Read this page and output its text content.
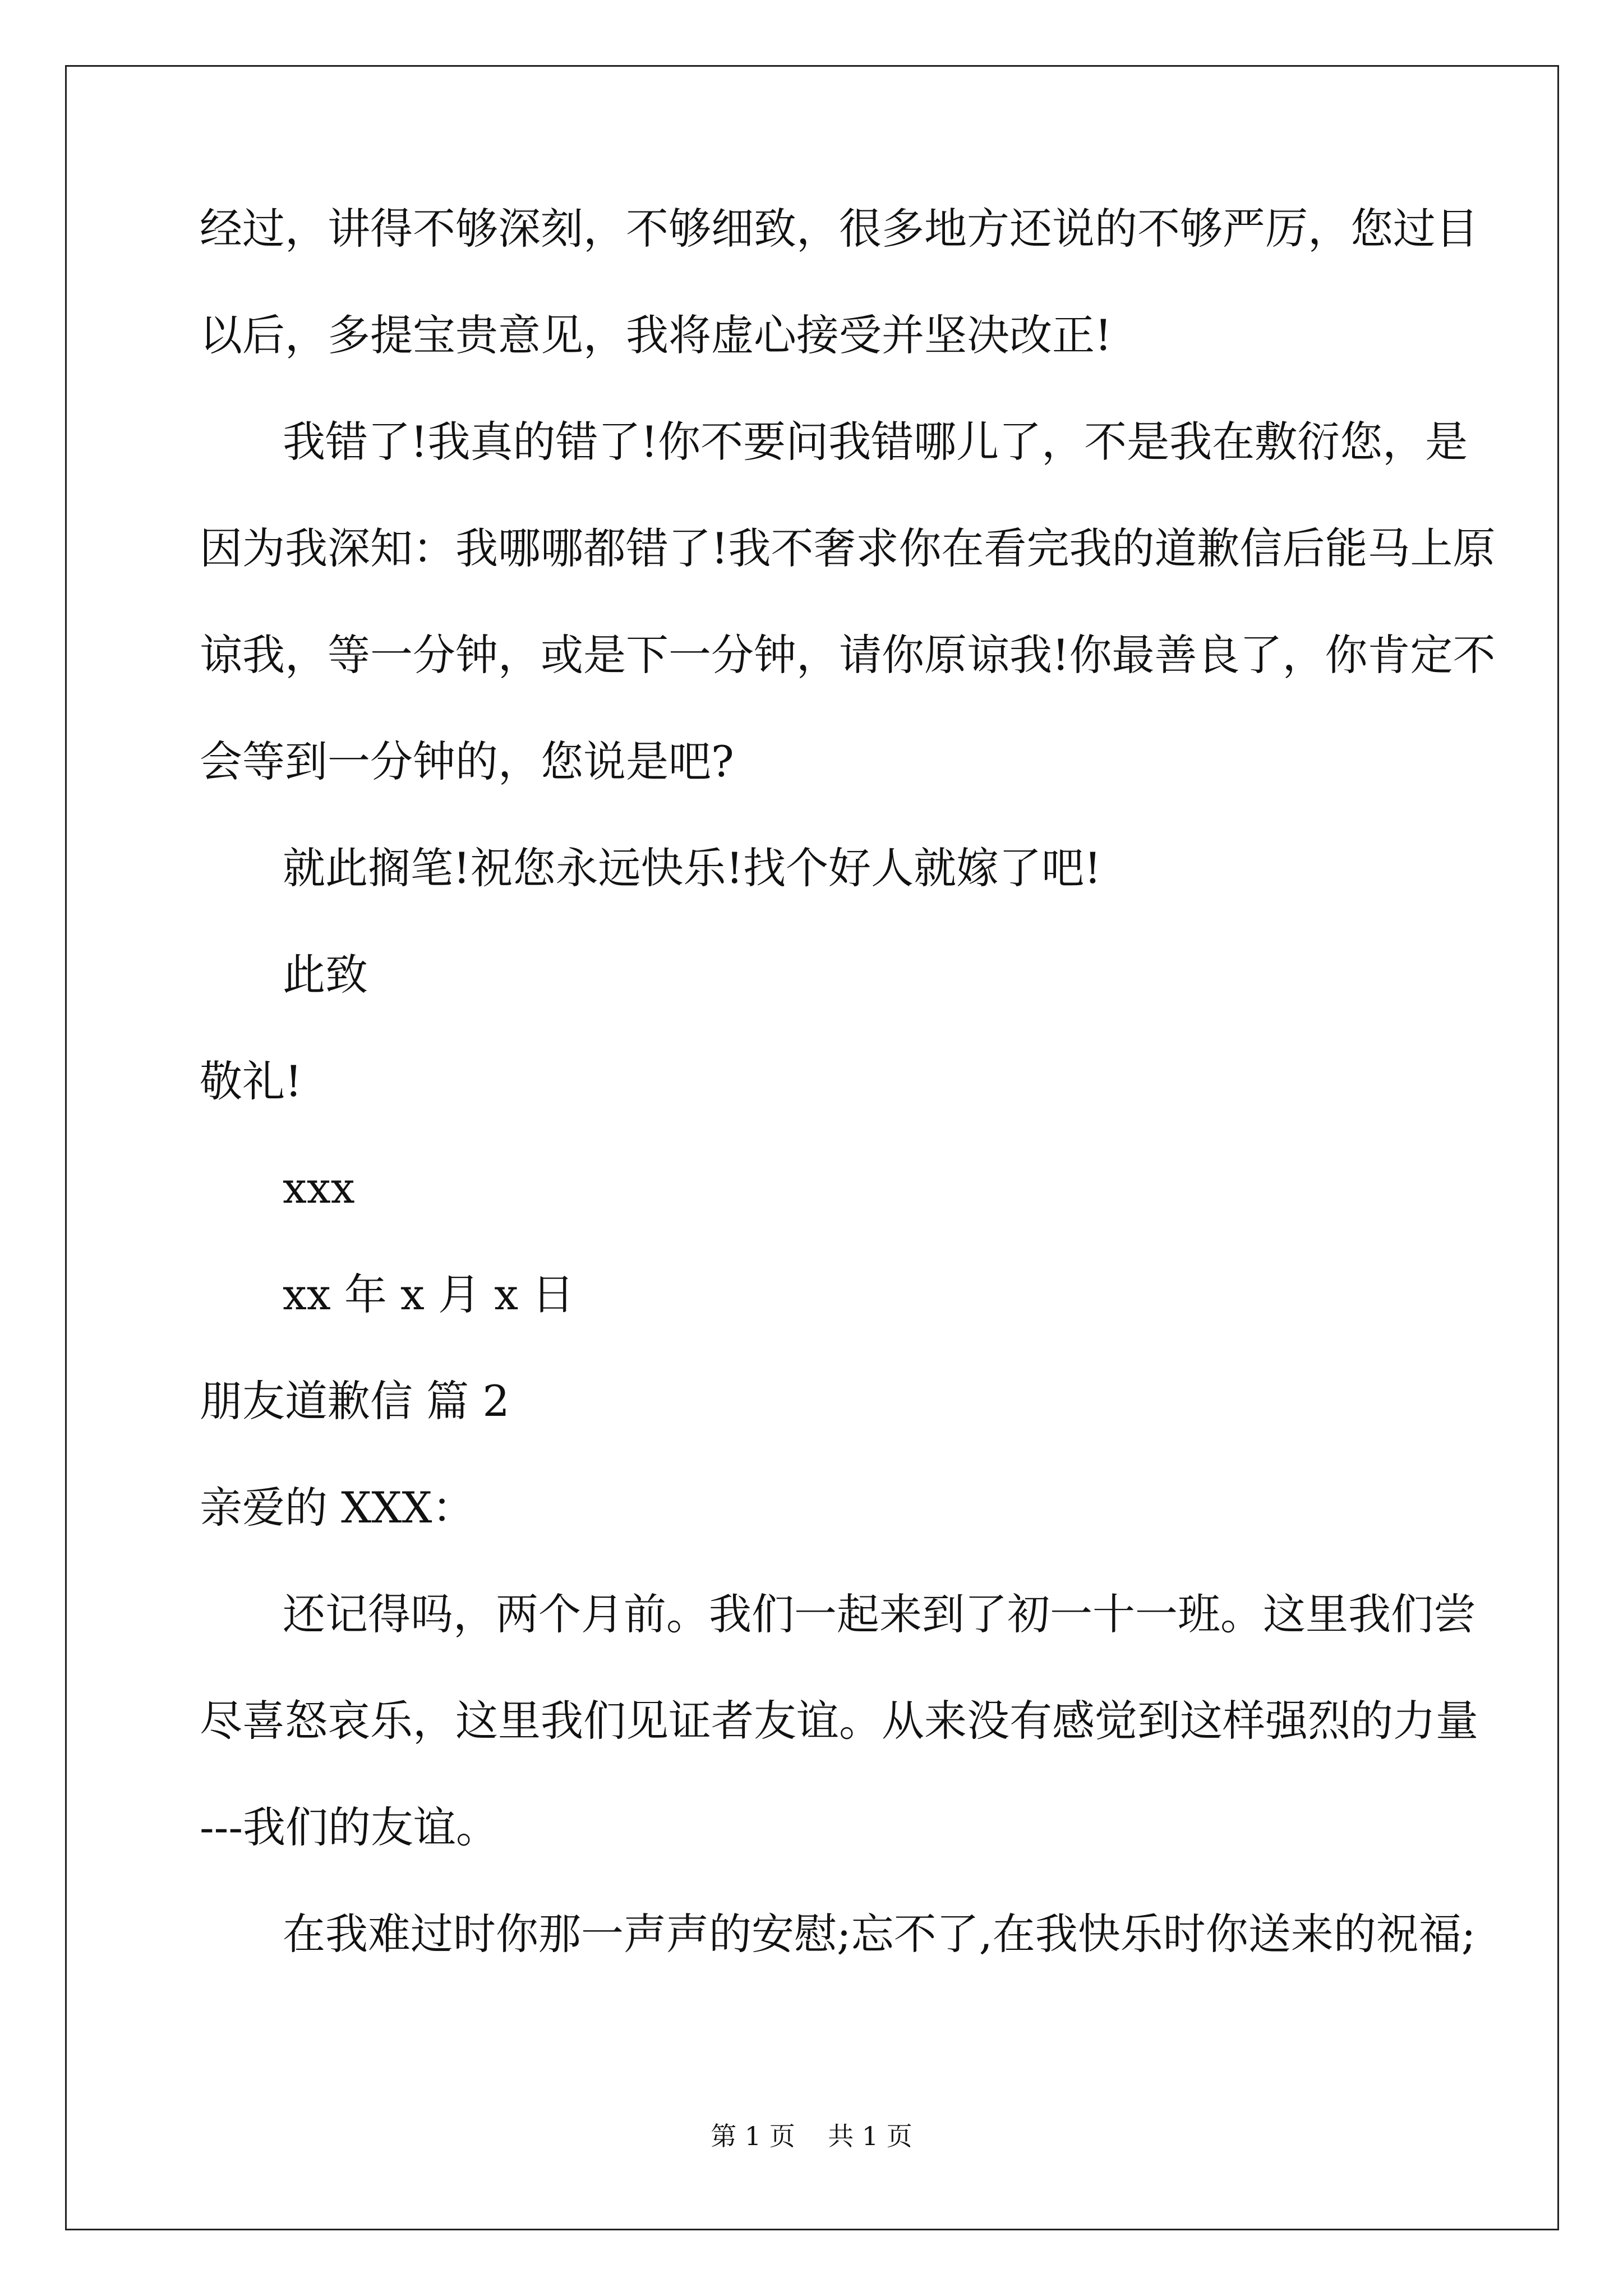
经过，讲得不够深刻，不够细致，很多地方还说的不够严厉，您过目
以后，多提宝贵意见，我将虚心接受并坚决改正!
我错了!我真的错了!你不要问我错哪儿了，不是我在敷衍您，是
因为我深知：我哪哪都错了!我不奢求你在看完我的道歉信后能马上原
谅我，等一分钟，或是下一分钟，请你原谅我!你最善良了，你肯定不
会等到一分钟的，您说是吧?
就此搁笔!祝您永远快乐!找个好人就嫁了吧!
此致
敬礼!
xxx
xx 年 x 月 x 日
朋友道歉信 篇 2
亲爱的 XXX：
还记得吗，两个月前。我们一起来到了初一十一班。这里我们尝
尽喜怒哀乐，这里我们见证者友谊。从来没有感觉到这样强烈的力量
---我们的友谊。
在我难过时你那一声声的安慰;忘不了,在我快乐时你送来的祝福;
第 1 页    共 1 页
